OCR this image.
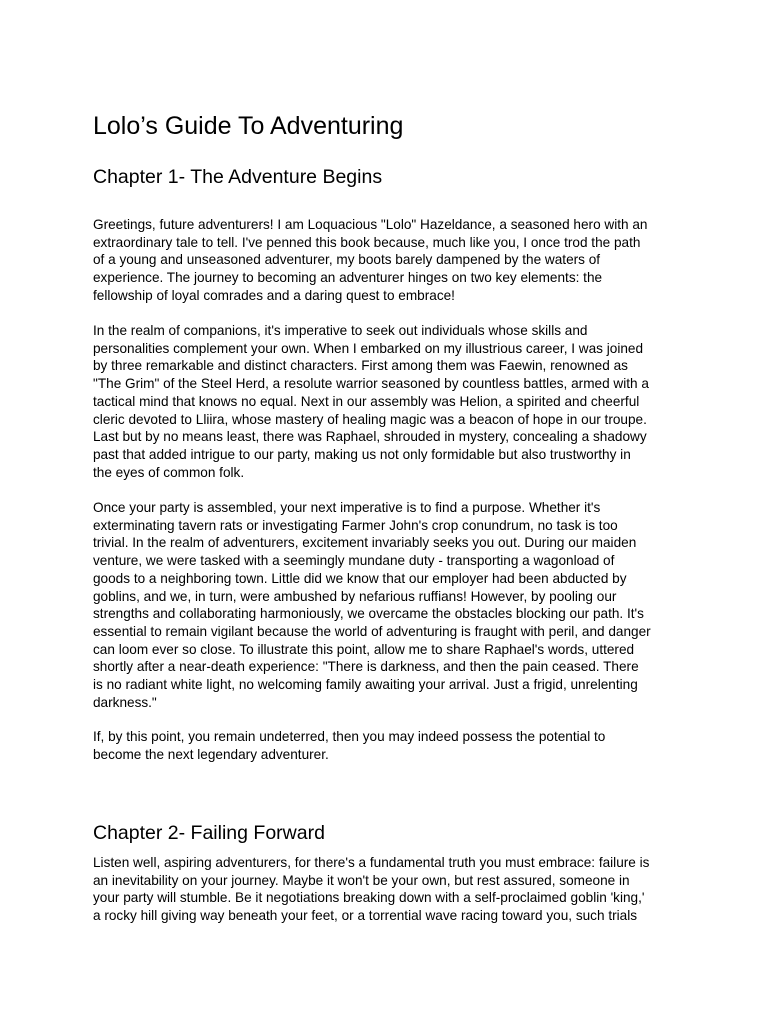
Lolo’s Guide To Adventuring
Chapter 1- The Adventure Begins

Greetings, future adventurers! I am Loquacious "Lolo" Hazeldance, a seasoned hero with an
extraordinary tale to tell. I've penned this book because, much like you, I once trod the path
of a young and unseasoned adventurer, my boots barely dampened by the waters of
experience. The journey to becoming an adventurer hinges on two key elements: the
fellowship of loyal comrades and a daring quest to embrace!

In the realm of companions, it's imperative to seek out individuals whose skills and
personalities complement your own. When I embarked on my illustrious career, I was joined
by three remarkable and distinct characters. First among them was Faewin, renowned as
"The Grim" of the Steel Herd, a resolute warrior seasoned by countless battles, armed with a
tactical mind that knows no equal. Next in our assembly was Helion, a spirited and cheerful
cleric devoted to Lliira, whose mastery of healing magic was a beacon of hope in our troupe.
Last but by no means least, there was Raphael, shrouded in mystery, concealing a shadowy
past that added intrigue to our party, making us not only formidable but also trustworthy in
the eyes of common folk.

Once your party is assembled, your next imperative is to find a purpose. Whether it's
exterminating tavern rats or investigating Farmer John's crop conundrum, no task is too
trivial. In the realm of adventurers, excitement invariably seeks you out. During our maiden
venture, we were tasked with a seemingly mundane duty - transporting a wagonload of
goods to a neighboring town. Little did we know that our employer had been abducted by
goblins, and we, in turn, were ambushed by nefarious ruffians! However, by pooling our
strengths and collaborating harmoniously, we overcame the obstacles blocking our path. It's
essential to remain vigilant because the world of adventuring is fraught with peril, and danger
can loom ever so close. To illustrate this point, allow me to share Raphael's words, uttered
shortly after a near-death experience: "There is darkness, and then the pain ceased. There
is no radiant white light, no welcoming family awaiting your arrival. Just a frigid, unrelenting
darkness."

If, by this point, you remain undeterred, then you may indeed possess the potential to
become the next legendary adventurer.

Chapter 2- Failing Forward

Listen well, aspiring adventurers, for there's a fundamental truth you must embrace: failure is
an inevitability on your journey. Maybe it won't be your own, but rest assured, someone in
your party will stumble. Be it negotiations breaking down with a self-proclaimed goblin 'king,'
a rocky hill giving way beneath your feet, or a torrential wave racing toward you, such trials
